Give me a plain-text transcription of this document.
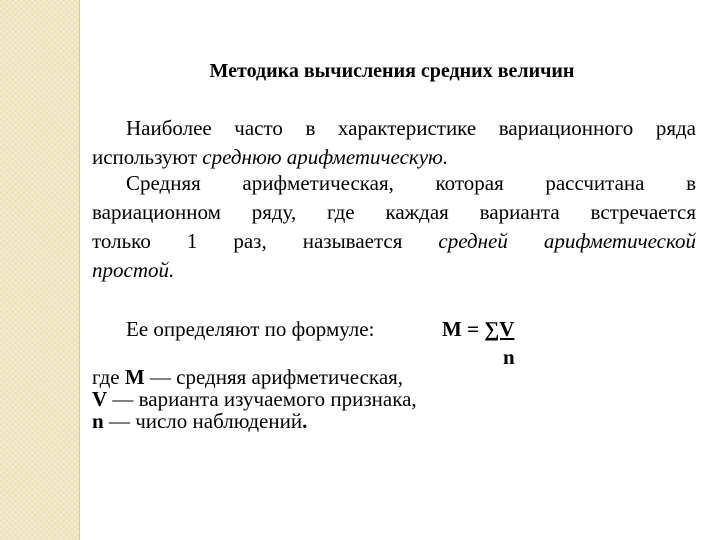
Методика вычисления средних величин
Наиболее часто в характеристике вариационного ряда
используют среднюю арифметическую.
Средняя арифметическая, которая рассчитана в
вариационном ряду, где каждая варианта встречается
только 1 раз, называется средней арифметической
простой.
Ее определяют по формуле:	M = ∑V
n
где M — средняя арифметическая,
V — варианта изучаемого признака,
n — число наблюдений.
